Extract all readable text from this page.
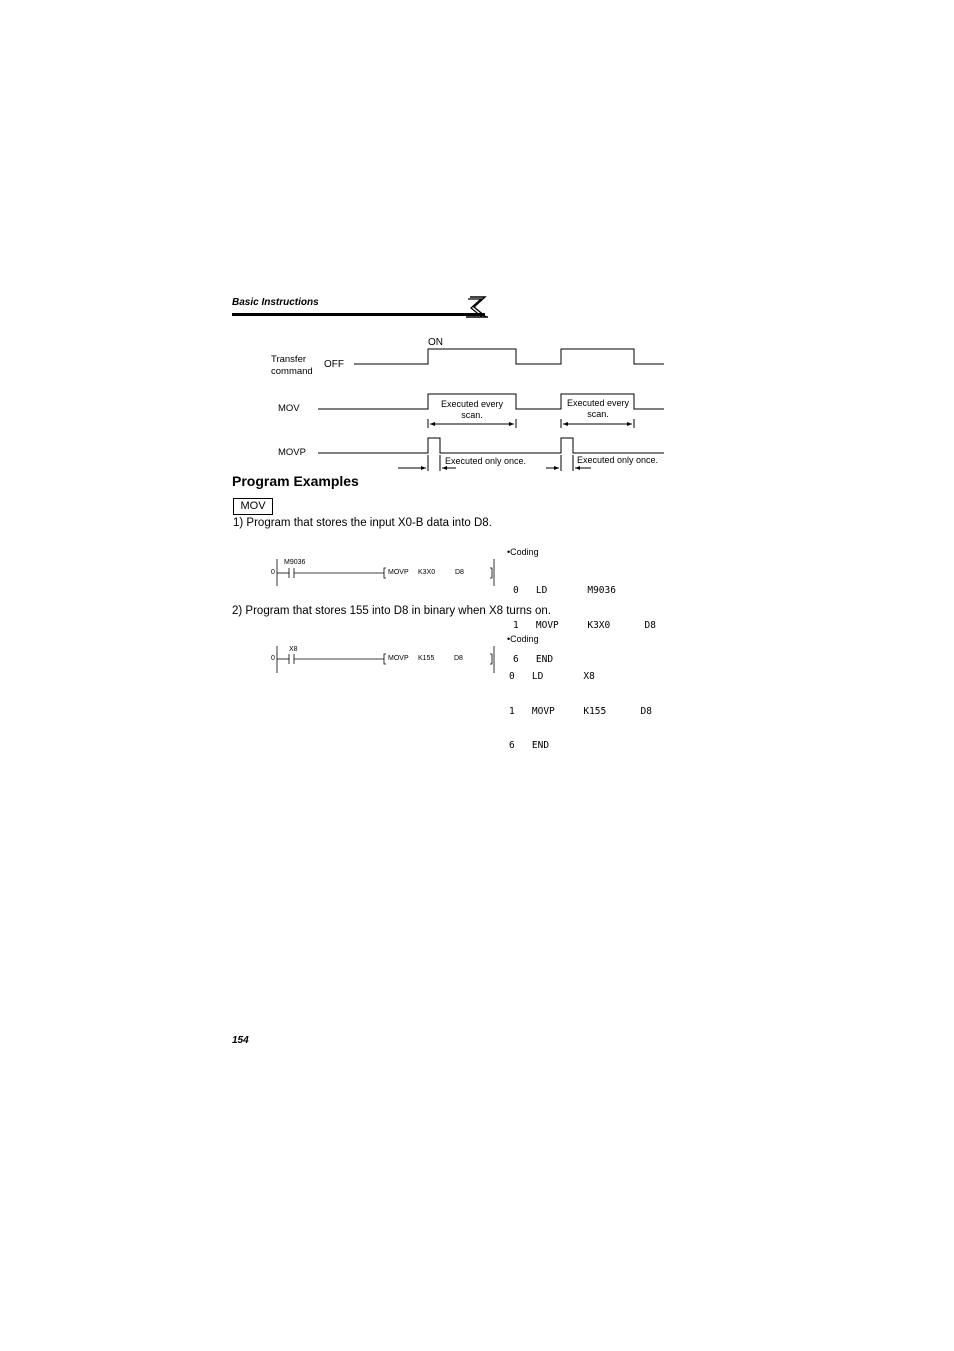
Basic Instructions
Transfer
command
ON
OFF
MOV
MOVP
Executed every
scan.
Executed every
scan.
Executed only once.	Executed only once.
Program Examples
MOV
1) Program that stores the input X0-B data into D8.
0
M9036
MOVP K3X0	D8
•Coding

0   LD       M9036

1   MOVP     K3X0      D8

6   END

2) Program that stores 155 into D8 in binary when X8 turns on.
0
X8
MOVP K155	D8
•Coding

0   LD       X8

1   MOVP     K155      D8

6   END

154
